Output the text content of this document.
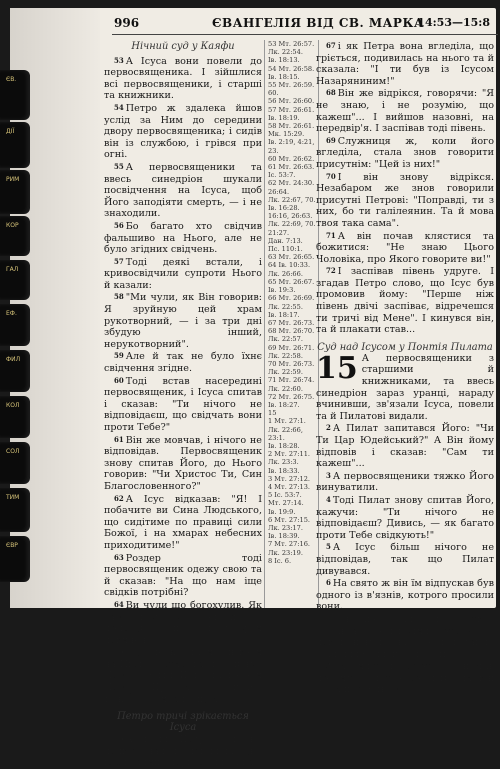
ЄВ.
ДІЇ
РИМ
КОР
ГАЛ
ЕФ.
ФИЛ
КОЛ
СОЛ
ТИМ
ЄВР
996	ЄВАНГЕЛІЯ ВІД СВ. МАРКА
14:53—15:8
Нічний суд у Каяфи
53 А Ісуса вони повели до первосвященика. І зійшлися всі первосвященики, і старші та книжники.
54 Петро ж здалека йшов услід за Ним до середини двору первосвященика; і сидів він із службою, і грівся при огні.
55 А первосвященики та ввесь синедріон шукали посвідчення на Ісуса, щоб Його заподіяти смерть, — і не знаходили.
56 Бо багато хто свідчив фальшиво на Нього, але не було згідних свідчень.
57 Тоді деякі встали, і кривосвідчили супроти Нього й казали:
58 "Ми чули, як Він говорив: Я зруйную цей храм рукотворний, — і за три дні збудую інший, нерукотворний".
59 Але й так не було їхнє свідчення згідне.
60 Тоді встав насередині первосвященик, і Ісуса спитав і сказав: "Ти нічого не відповідаєш, що свідчать вони проти Тебе?"
61 Він же мовчав, і нічого не відповідав. Первосвященик знову спитав Його, до Нього говорив: "Чи Христос Ти, Син Благословенного?"
62 А Ісус відказав: "Я! І побачите ви Сина Людського, що сидітиме по правиці сили Божої, і на хмарах небесних приходитиме!"
63 Роздер тоді первосвященик одежу свою та й сказав: "На що нам іще свідків потрібні?
64 Ви чули що богохулив. Як вам здається?" Вони ж усі присудили, що Він умерти повинен...
65 Тоді деякі стали плювати на Нього, і закривати обличчя Йому, і бити Його та казати Йому: "Пророкуй!" Служба теж Його била по щоках...
Петро тричі зрікається Ісуса
66 А коли Петро був на подвір'ї надолі, прийшла одна із служниць первосвященика,
53 Мт. 26:57.
Лк. 22:54.
Ів. 18:13.
54 Мт. 26:58.
Ів. 18:15.
55 Мт. 26:59.
60.
56 Мт. 26:60.
57 Мт. 26:61.
Ів. 18:19.
58 Мт. 26:61.
Мк. 15:29.
Ів. 2:19, 4:21,
23.
60 Мт. 26:62.
61 Мт. 26:63.
Іс. 53:7.
62 Мт. 24:30.
26:64.
Лк. 22:67, 70.
Ів. 16:28.
16:16, 26:63.
Лк. 22:69, 70.
21:27.
Дан. 7:13.
Пс. 110:1.
63 Мт. 26:65.
64 Ів. 10:33.
Лк. 26:66.
65 Мт. 26:67.
Ів. 19:3.
66 Мт. 26:69.
Лк. 22:55.
Ів. 18:17.
67 Мт. 26:73.
68 Мт. 26:70.
Лк. 22:57.
69 Мт. 26:71.
Лк. 22:58.
70 Мт. 26:73.
Лк. 22:59.
71 Мт. 26:74.
Лк. 22:60.
72 Мт. 26:75.
Ів. 18:27.
15
1 Мт. 27:1.
Лк. 22:66, 23:1.
Ів. 18:28.
2 Мт. 27:11.
Лк. 23:3.
Ів. 18:33.
3 Мт. 27:12.
4 Мт. 27:13.
5 Іс. 53:7.
Мт. 27:14.
Ів. 19:9.
6 Мт. 27:15.
Лк. 23:17.
Ів. 18:39.
7 Мт. 27:16.
Лк. 23:19.
8 Іс. 6.
67 і як Петра вона вгледіла, що гріється, подивилась на нього та й сказала: "І ти був із Ісусом Назаряниним!"
68 Він же відрікся, говорячи: "Я не знаю, і не розумію, що кажеш"... І вийшов назовні, на передвір'я. І заспівав тоді півень.
69 Служниця ж, коли його вгледіла, стала знов говорити присутнім: "Цей із них!"
70 І він знову відрікся. Незабаром же знов говорили присутні Петрові: "Поправді, ти з них, бо ти галілеянин. Та й мова твоя така сама".
71 А він почав клястися та божитися: "Не знаю Цього Чоловіка, про Якого говорите ви!"
72 І заспівав півень удруге. І згадав Петро слово, що Ісус був промовив йому: "Перше ніж півень двічі заспіває, відречешся ти тричі від Мене". І кинувся він, та й плакати став...
Суд над Ісусом у Понтія Пилата
15 А первосвященики з старшими й книжниками, та ввесь синедріон зараз уранці, нараду вчинивши, зв'язали Ісуса, повели та й Пилатові видали.
2 А Пилат запитався Його: "Чи Ти Цар Юдейський?" А Він йому відповів і сказав: "Сам ти кажеш"...
3 А первосвященики тяжко Його винуватили.
4 Тоді Пилат знову спитав Його, кажучи: "Ти нічого не відповідаєш? Дивись, — як багато проти Тебе свідкують!"
5 А Ісус більш нічого не відповідав, так що Пилат дивувався.
6 На свято ж він їм відпускав був одного із в'язнів, котрого просили вони.
7 Був же один, що звався Варавва, ув'язнений разом із повстанцями, які за повстання вчинили були душогубство.
8 І коли натовп зібрався, він став просити Пилата зробити, як він завжди робив їм.
